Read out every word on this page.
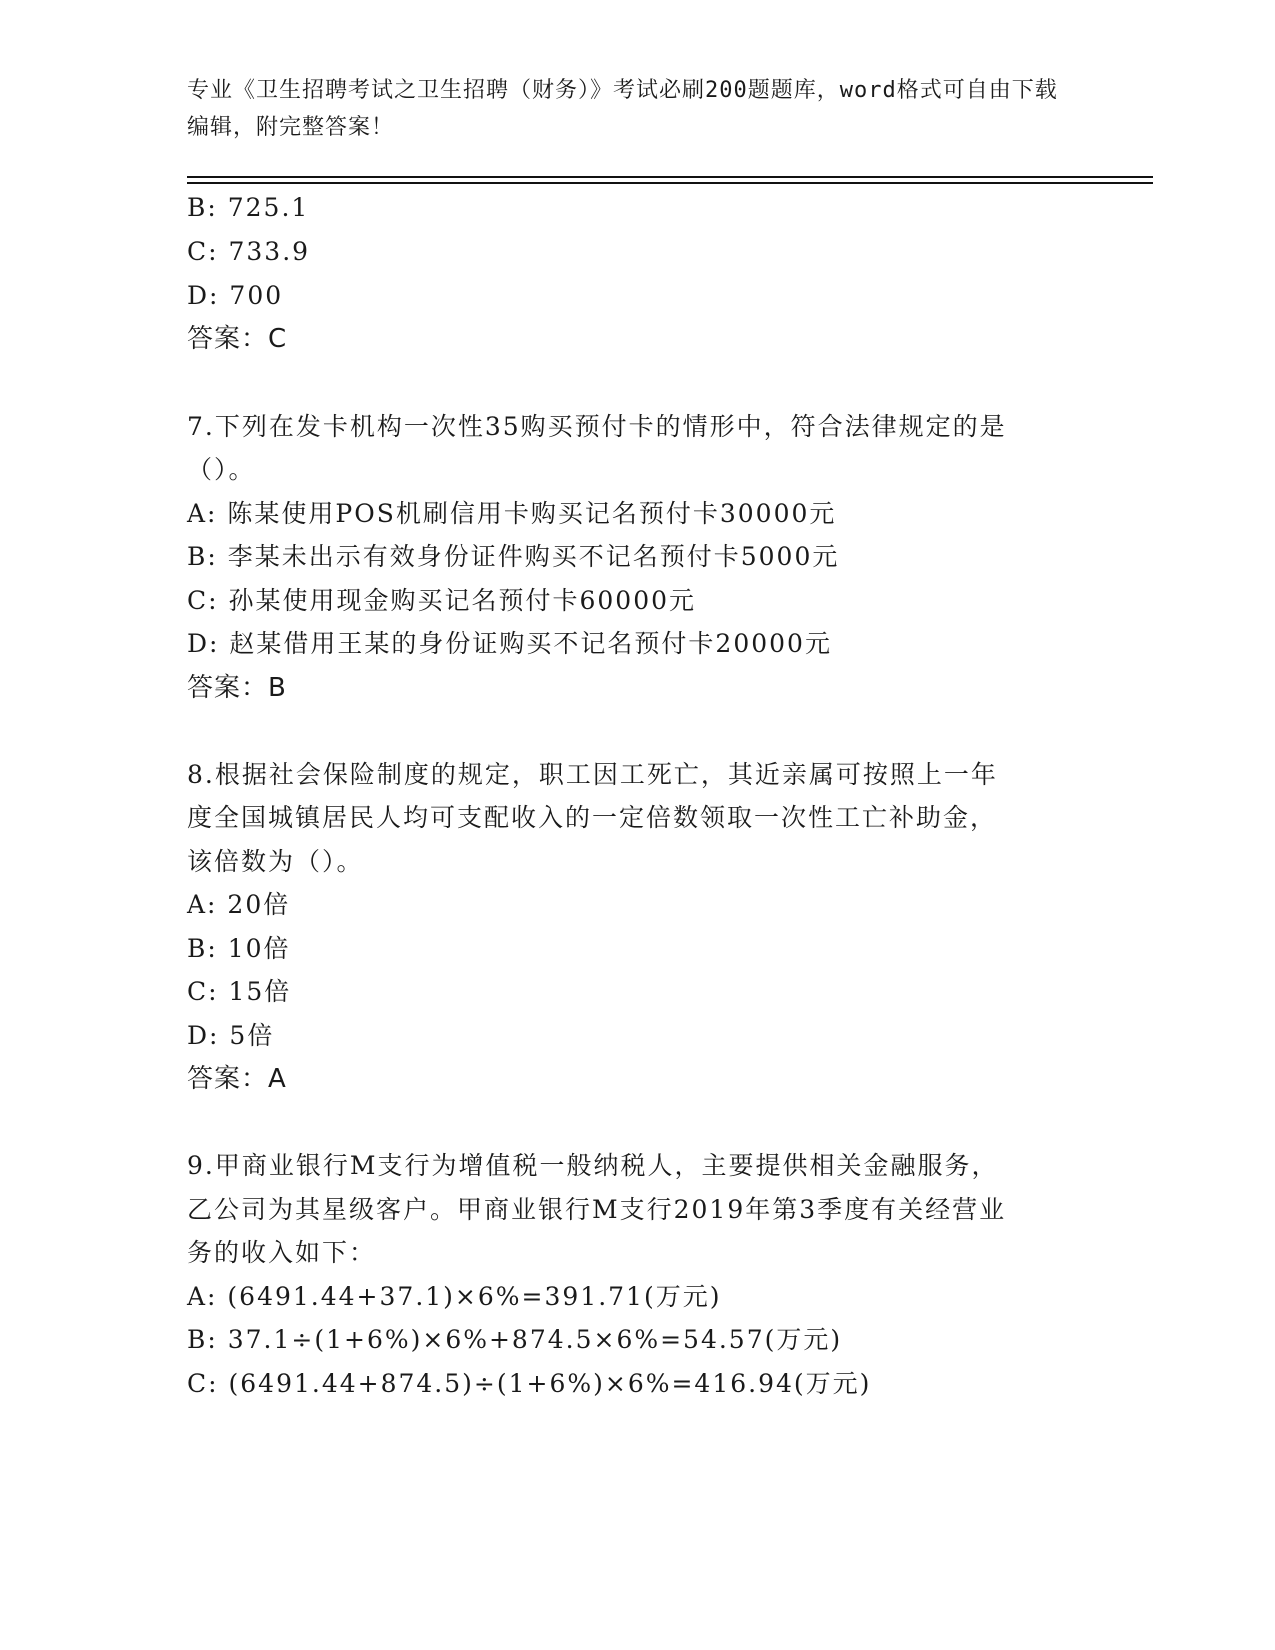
专业《卫生招聘考试之卫生招聘（财务）》考试必刷200题题库，word格式可自由下载编辑，附完整答案！
B: 725.1
C: 733.9
D: 700
答案：C
7.下列在发卡机构一次性35购买预付卡的情形中，符合法律规定的是
（）。
A: 陈某使用POS机刷信用卡购买记名预付卡30000元
B: 李某未出示有效身份证件购买不记名预付卡5000元
C: 孙某使用现金购买记名预付卡60000元
D: 赵某借用王某的身份证购买不记名预付卡20000元
答案：B
8.根据社会保险制度的规定，职工因工死亡，其近亲属可按照上一年
度全国城镇居民人均可支配收入的一定倍数领取一次性工亡补助金，
该倍数为（）。
A: 20倍
B: 10倍
C: 15倍
D: 5倍
答案：A
9.甲商业银行M支行为增值税一般纳税人，主要提供相关金融服务，
乙公司为其星级客户。甲商业银行M支行2019年第3季度有关经营业
务的收入如下：
A: (6491.44+37.1)×6%=391.71(万元)
B: 37.1÷(1+6%)×6%+874.5×6%=54.57(万元)
C: (6491.44+874.5)÷(1+6%)×6%=416.94(万元)
